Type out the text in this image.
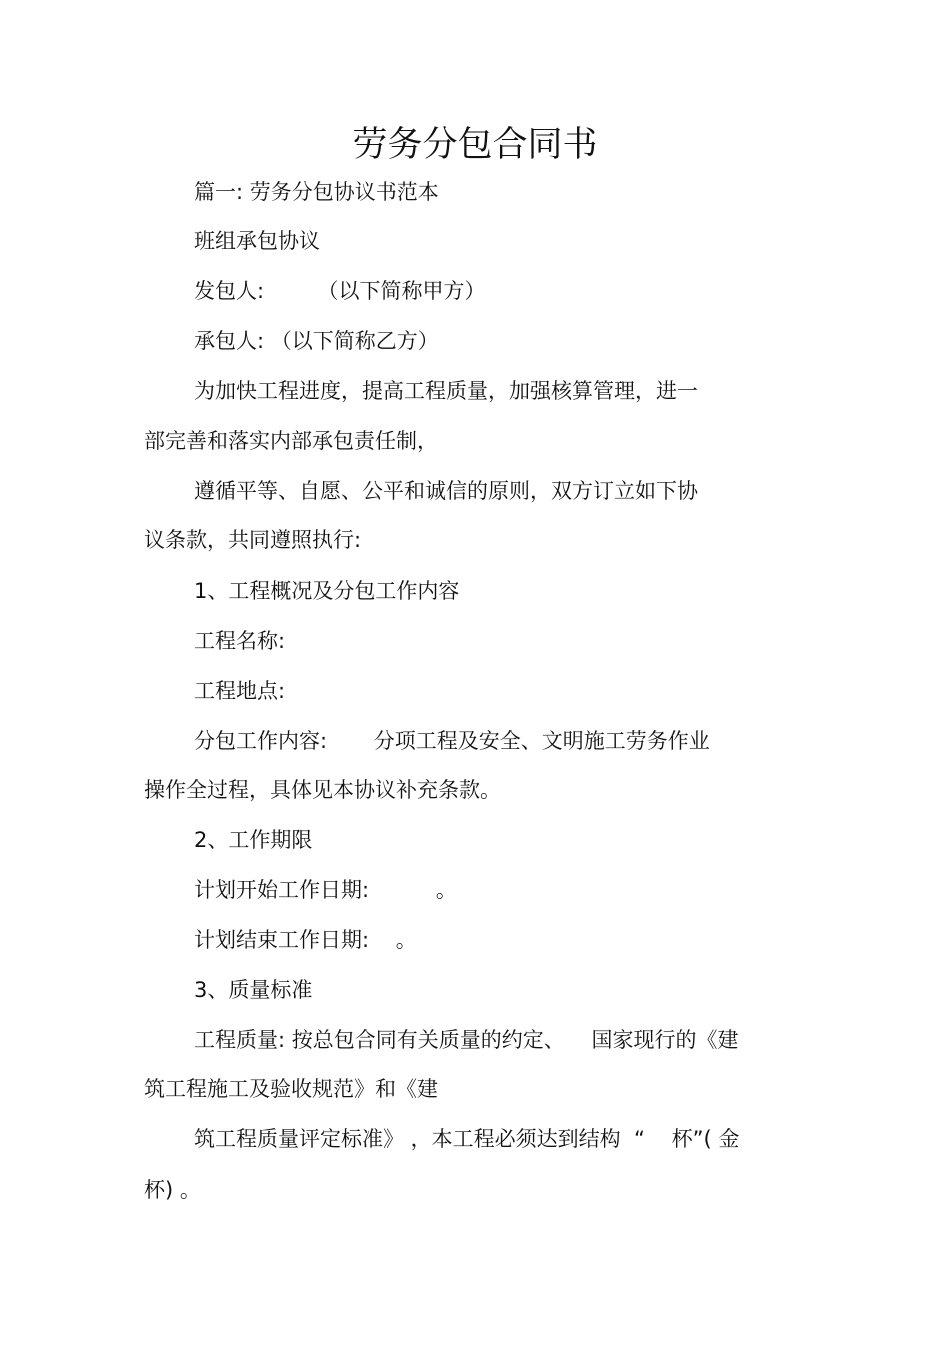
劳务分包合同书
篇一: 劳务分包协议书范本
班组承包协议
发包人:        （以下简称甲方）
承包人: （以下简称乙方）
为加快工程进度，提高工程质量，加强核算管理，进一
部完善和落实内部承包责任制，
遵循平等、自愿、公平和诚信的原则，双方订立如下协
议条款，共同遵照执行:
1、工程概况及分包工作内容
工程名称:
工程地点:
分包工作内容:       分项工程及安全、文明施工劳务作业
操作全过程，具体见本协议补充条款。
2、工作期限
计划开始工作日期:          。
计划结束工作日期:    。
3、质量标准
工程质量: 按总包合同有关质量的约定、    国家现行的《建
筑工程施工及验收规范》和《建
筑工程质量评定标准》 ，本工程必须达到结构  “    杯”( 金
杯) 。
